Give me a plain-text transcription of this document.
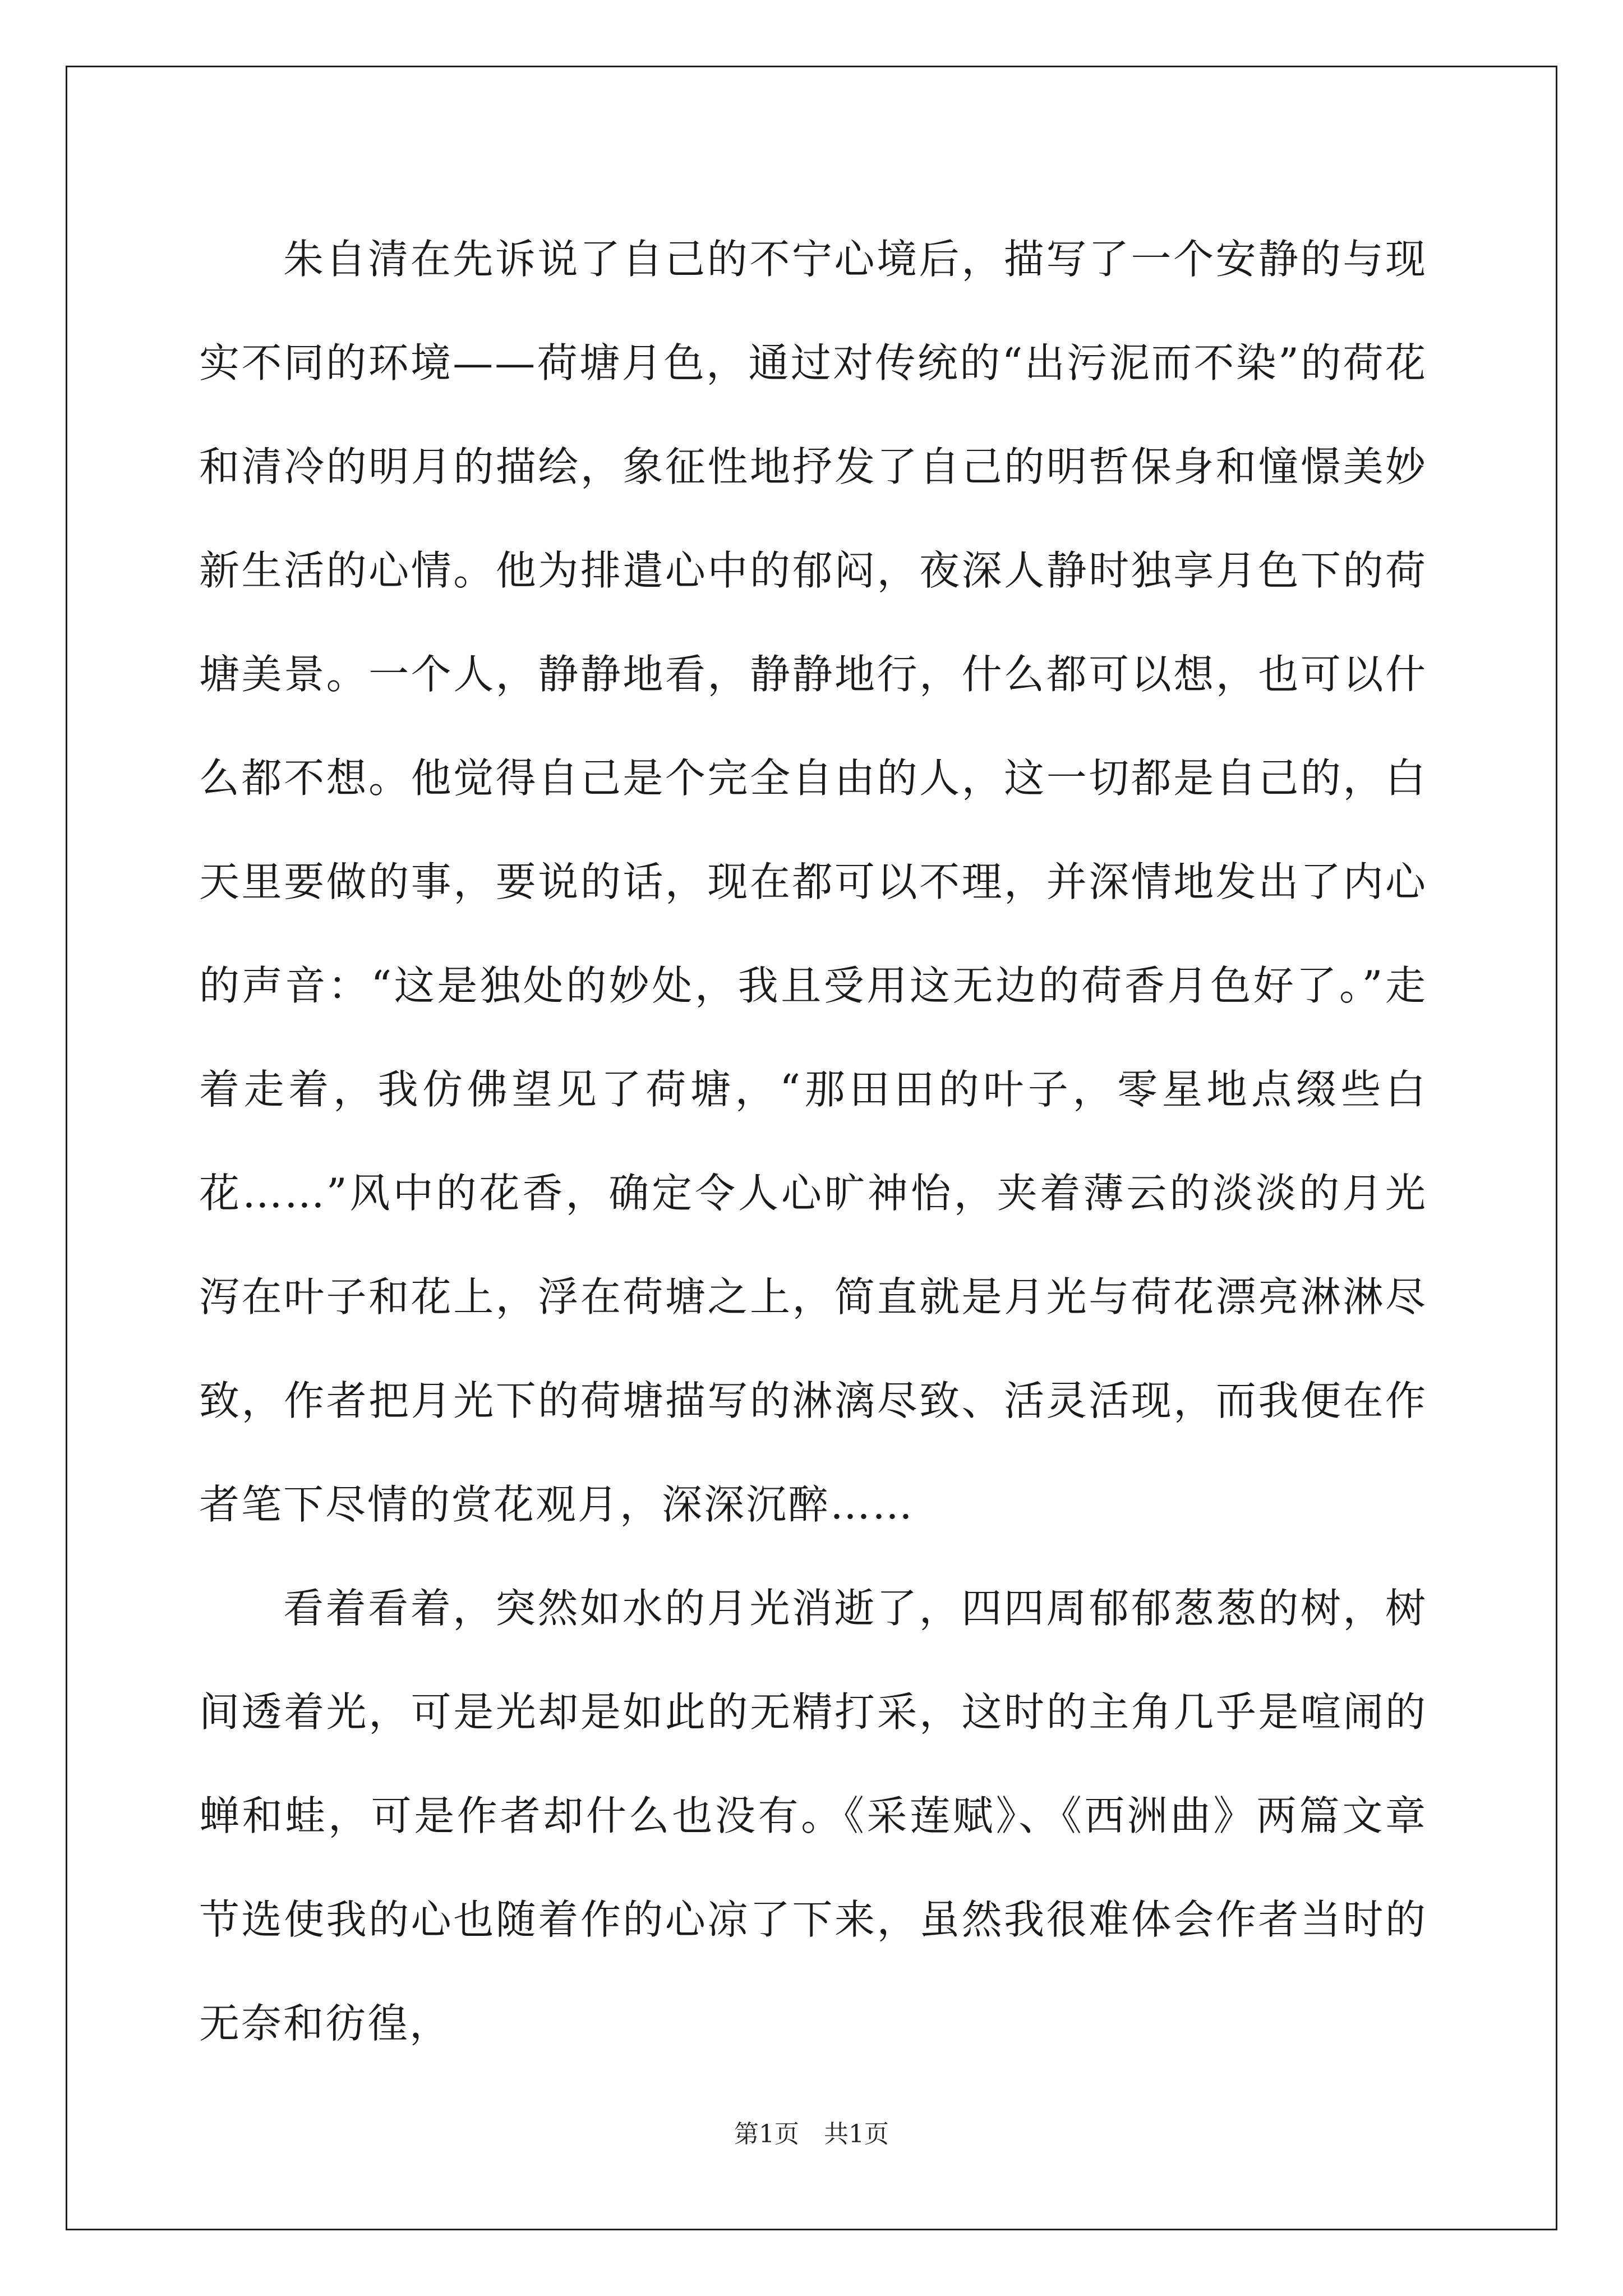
朱自清在先诉说了自己的不宁心境后，描写了一个安静的与现实不同的环境——荷塘月色，通过对传统的“出污泥而不染”的荷花和清冷的明月的描绘，象征性地抒发了自己的明哲保身和憧憬美妙新生活的心情。他为排遣心中的郁闷，夜深人静时独享月色下的荷塘美景。一个人，静静地看，静静地行，什么都可以想，也可以什么都不想。他觉得自己是个完全自由的人，这一切都是自己的，白天里要做的事，要说的话，现在都可以不理，并深情地发出了内心的声音：“这是独处的妙处，我且受用这无边的荷香月色好了。”走着走着，我仿佛望见了荷塘，“那田田的叶子，零星地点缀些白花……”风中的花香，确定令人心旷神怡，夹着薄云的淡淡的月光泻在叶子和花上，浮在荷塘之上，简直就是月光与荷花漂亮淋淋尽致，作者把月光下的荷塘描写的淋漓尽致、活灵活现，而我便在作者笔下尽情的赏花观月，深深沉醉……

看着看着，突然如水的月光消逝了，四四周郁郁葱葱的树，树间透着光，可是光却是如此的无精打采，这时的主角几乎是喧闹的蝉和蛙，可是作者却什么也没有。《采莲赋》、《西洲曲》两篇文章节选使我的心也随着作的心凉了下来，虽然我很难体会作者当时的无奈和彷徨，

第1页　共1页
